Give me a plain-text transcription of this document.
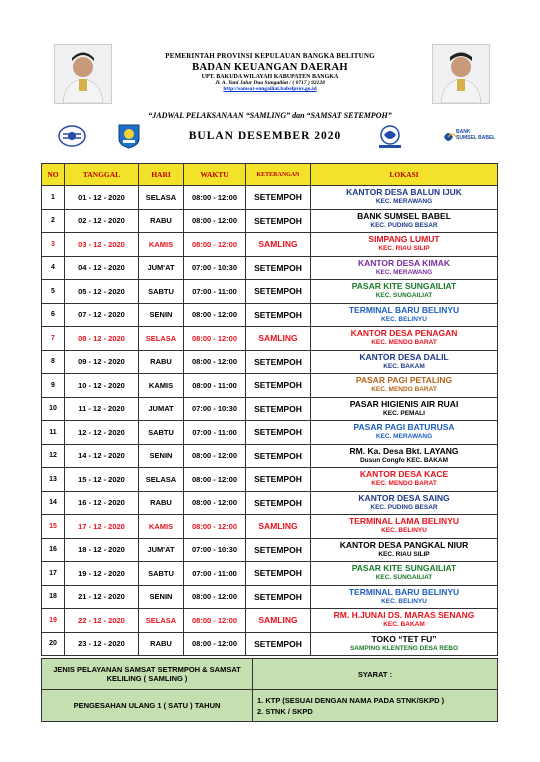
PEMERINTAH PROVINSI KEPULAUAN BANGKA BELITUNG
BADAN KEUANGAN DAERAH
UPT. BAKUDA WILAYAH KABUPATEN BANGKA
Jl. A. Yani Jalur Dua Sungailiat / ( 0717 ) 92128
http://samsat-sungailiat.babelprov.go.id
“JADWAL PELAKSANAAN “SAMLING” dan “SAMSAT SETEMPOH”
BULAN DESEMBER 2020	BANK
SUMSEL BABEL
NO	TANGGAL	HARI	WAKTU	KETERANGAN	LOKASI
1	01 - 12 - 2020	SELASA	08:00 - 12:00	SETEMPOH	KANTOR DESA BALUN IJUK
KEC. MERAWANG

2	02 - 12 - 2020	RABU	08:00 - 12:00	SETEMPOH	BANK SUMSEL BABEL
KEC. PUDING BESAR

3	03 - 12 - 2020	KAMIS	08:00 - 12:00	SAMLING	SIMPANG LUMUT
KEC. RIAU SILIP

4	04 - 12 - 2020	JUM'AT	07:00 - 10:30	SETEMPOH	KANTOR DESA KIMAK
KEC. MERAWANG

5	05 - 12 - 2020	SABTU	07:00 - 11:00	SETEMPOH	PASAR KITE SUNGAILIAT
KEC. SUNGAILIAT

6	07 - 12 - 2020	SENIN	08:00 - 12:00	SETEMPOH	TERMINAL BARU BELINYU
KEC. BELINYU

7	08 - 12 - 2020	SELASA	08:00 - 12:00	SAMLING	KANTOR DESA PENAGAN
KEC. MENDO BARAT

8	09 - 12 - 2020	RABU	08:00 - 12:00	SETEMPOH	KANTOR DESA DALIL
KEC. BAKAM

9	10 - 12 - 2020	KAMIS	08:00 - 11:00	SETEMPOH	PASAR PAGI PETALING
KEC. MENDO BARAT

10	11 - 12 - 2020	JUMAT	07:00 - 10:30	SETEMPOH	PASAR HIGIENIS AIR RUAI
KEC. PEMALI

11	12 - 12 - 2020	SABTU	07:00 - 11:00	SETEMPOH	PASAR PAGI BATURUSA
KEC. MERAWANG

12	14 - 12 - 2020	SENIN	08:00 - 12:00	SETEMPOH	RM. Ka. Desa Bkt. LAYANG
Dusun Congfo KEC. BAKAM

13	15 - 12 - 2020	SELASA	08:00 - 12:00	SETEMPOH	KANTOR DESA KACE
KEC. MENDO BARAT

14	16 - 12 - 2020	RABU	08:00 - 12:00	SETEMPOH	KANTOR DESA SAING
KEC. PUDING BESAR

15	17 - 12 - 2020	KAMIS	08:00 - 12:00	SAMLING	TERMINAL LAMA BELINYU
KEC. BELINYU

16	18 - 12 - 2020	JUM'AT	07:00 - 10:30	SETEMPOH	KANTOR DESA PANGKAL NIUR
KEC. RIAU SILIP

17	19 - 12 - 2020	SABTU	07:00 - 11:00	SETEMPOH	PASAR KITE SUNGAILIAT
KEC. SUNGAILIAT

18	21 - 12 - 2020	SENIN	08:00 - 12:00	SETEMPOH	TERMINAL BARU BELINYU
KEC. BELINYU

19	22 - 12 - 2020	SELASA	08:00 - 12:00	SAMLING	RM. H.JUNAI DS. MARAS SENANG
KEC. BAKAM

20	23 - 12 - 2020	RABU	08:00 - 12:00	SETEMPOH	TOKO “TET FU”
SAMPING KLENTENG DESA REBO
JENIS PELAYANAN SAMSAT SETRMPOH & SAMSAT KELILING ( SAMLING )	SYARAT :
PENGESAHAN ULANG 1 ( SATU ) TAHUN	1. KTP (SESUAI DENGAN NAMA PADA STNK/SKPD )
2. STNK / SKPD
